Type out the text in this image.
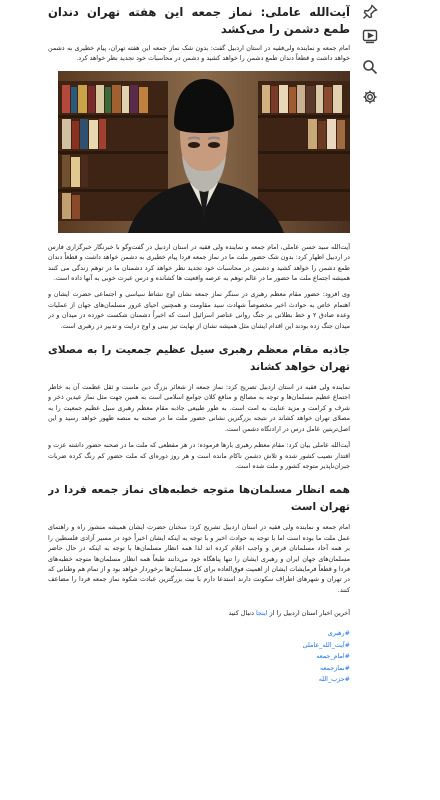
آیت‌الله عاملی: نماز جمعه این هفته تهران دندان طمع دشمن را می‌کشد

امام جمعه و نماینده ولی‌فقیه در استان اردبیل گفت: بدون شک نماز جمعه این هفته تهران، پیام خطیری به دشمن خواهد داشت و قطعاً دندان طمع دشمن را خواهد کشید و دشمن در محاسبات خود تجدید نظر خواهد کرد.

آیت‌الله سید حسن عاملی، امام جمعه و نماینده ولی فقیه در استان اردبیل در گفت‌وگو با خبرنگار خبرگزاری فارس در اردبیل اظهار کرد: بدون شک حضور ملت ما در نماز جمعه فردا پیام خطیری به دشمن خواهد داشت و قطعاً دندان طمع دشمن را خواهد کشید و دشمن در محاسبات خود تجدید نظر خواهد کرد دشمنان ما در توهم زندگی می کنند همیشه اجتماع ملت ما حضور ما در عالم توهم به عرصه واقعیت ها کشانده و درس عبرت خوبی به آنها داده است.

وی افزود: حضور مقام معظم رهبری در سنگر نماز جمعه نشان اوج نشاط سیاسی و اجتماعی حضرت ایشان و اهتمام خاص به حوادث اخیر مخصوصاً شهادت سید مقاومت و همچنین احیای غرور مسلمان‌های جهان از عملیات وعده صادق ۲ و خط بطلانی بر جنگ روانی عناصر اسرائیل است که اخیراً دشمنان شکست خورده در میدان و در میدان جنگ زده بودند این اقدام ایشان مثل همیشه نشان از نهایت تیز بینی و اوج درایت و تدبیر در رهبری است.

جاذبه مقام معظم رهبری سیل عظیم جمعیت را به مصلای تهران خواهد کشاند

نماینده ولی فقیه در استان اردبیل تصریح کرد: نماز جمعه از شعائر بزرگ دین ماست و ثقل عظمت آن به خاطر اجتماع عظیم مسلمان‌ها و توجه به مصالح و منافع کلان جوامع اسلامی است به همین جهت مثل نماز عیدین ذخر و شرف و کرامت و مزید عنایت به امت است. به طور طبیعی جاذبه مقام معظم رهبری سیل عظیم جمعیت را به مصلای تهران خواهد کشاند در نتیجه بزرگترین نشانی حضور ملت ما در صحنه به منصه ظهور خواهد رسید و این اصل‌تربتین عامل درس در ارادتگاه دشمن است.

آیت‌الله عاملی بیان کرد: مقام معظم رهبری بارها فرموده: در هر مقطعی که ملت ما در صحنه حضور داشته عزت و اقتدار نصیب کشور شده و تلاش دشمن ناکام مانده است و هر روز دوره‌ای که ملت حضور کم رنگ کرده ضربات جبران‌ناپذیر متوجه کشور و ملت شده است.

همه انظار مسلمان‌ها متوجه خطبه‌های نماز جمعه فردا در تهران است

امام جمعه و نماینده ولی فقیه در استان اردبیل تشریح کرد: سخنان حضرت ایشان همیشه منشور راه و راهنمای عمل ملت ما بوده است اما با توجه به حوادث اخیر و با توجه به اینکه ایشان اخیراً خود در مسیر آزادی فلسطین را بر همه آحاد مسلمانان فرض و واجب اعلام کرده اند لذا همه انظار مسلمان‌ها با توجه به اینکه در حال حاضر مسلمان‌های جهان ایران و رهبری ایشان را تنها پناهگاه خود می‌دانند طبعاً همه انظار مسلمان‌ها متوجه خطبه‌های فردا و قطعاً فرمایشات ایشان از اهمیت فوق‌العاده برای کل مسلمان‌ها برخوردار خواهد بود و از تمام هم وطنانی که در تهران و شهرهای اطراف سکونت دارند استدعا دارم با نیت بزرگترین عبادت شکوه نماز جمعه فردا را مضاعف کنند.

آخرین اخبار استان اردبیل را از اینجا دنبال کنید
#رهبری
#آیت_الله_عاملی
#امام_جمعه
#نمازجمعه
#حزب_الله
